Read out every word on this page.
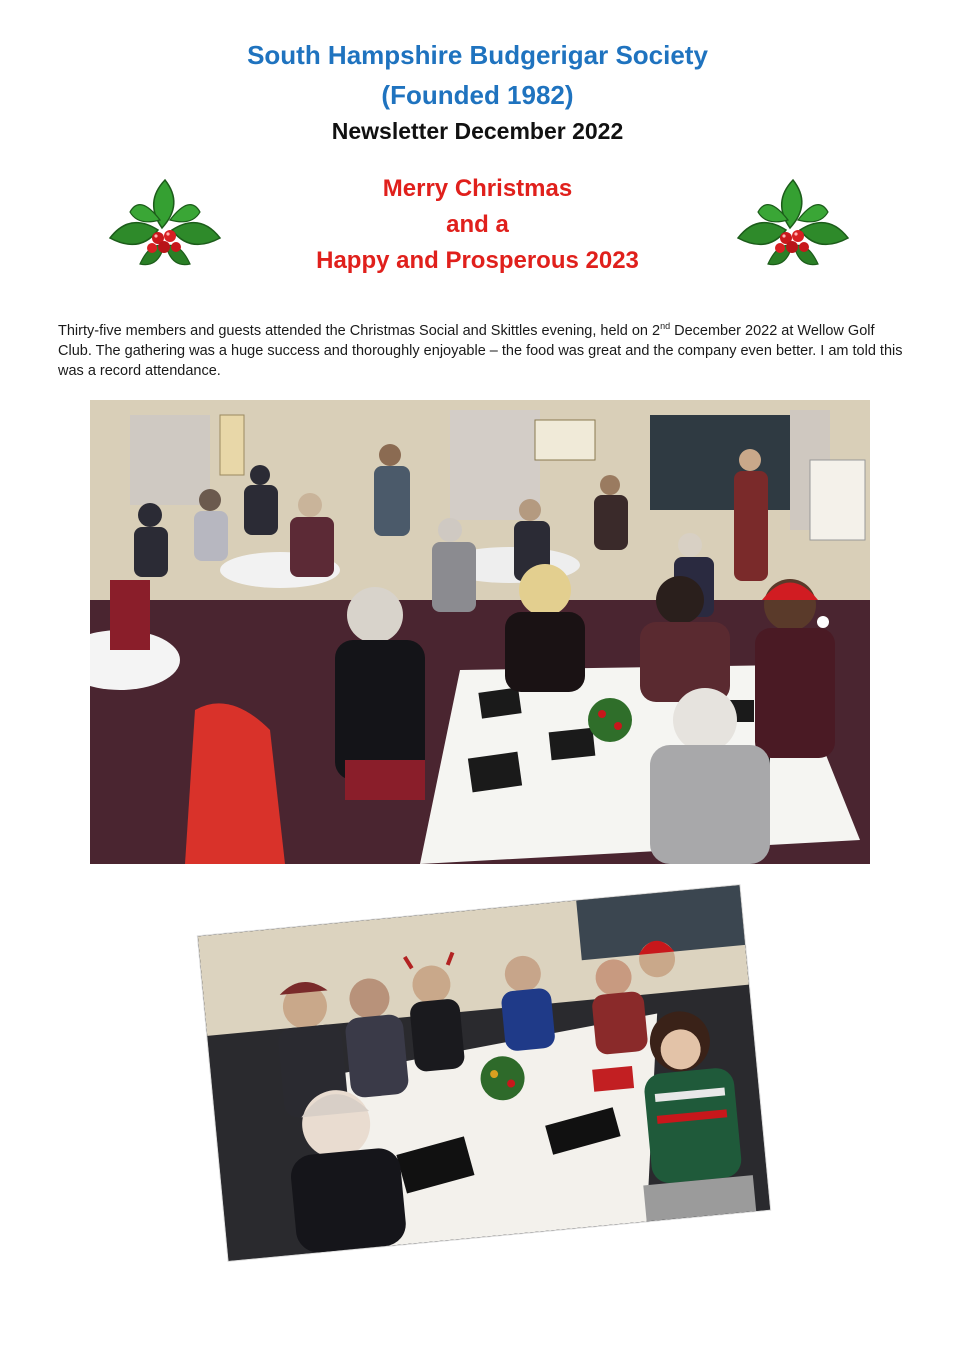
South Hampshire Budgerigar Society
(Founded 1982)
Newsletter December 2022
Merry Christmas
and a
Happy and Prosperous 2023

Thirty-five members and guests attended the Christmas Social and Skittles evening, held on 2nd December 2022 at Wellow Golf Club. The gathering was a huge success and thoroughly enjoyable – the food was great and the company even better. I am told this was a record attendance.
